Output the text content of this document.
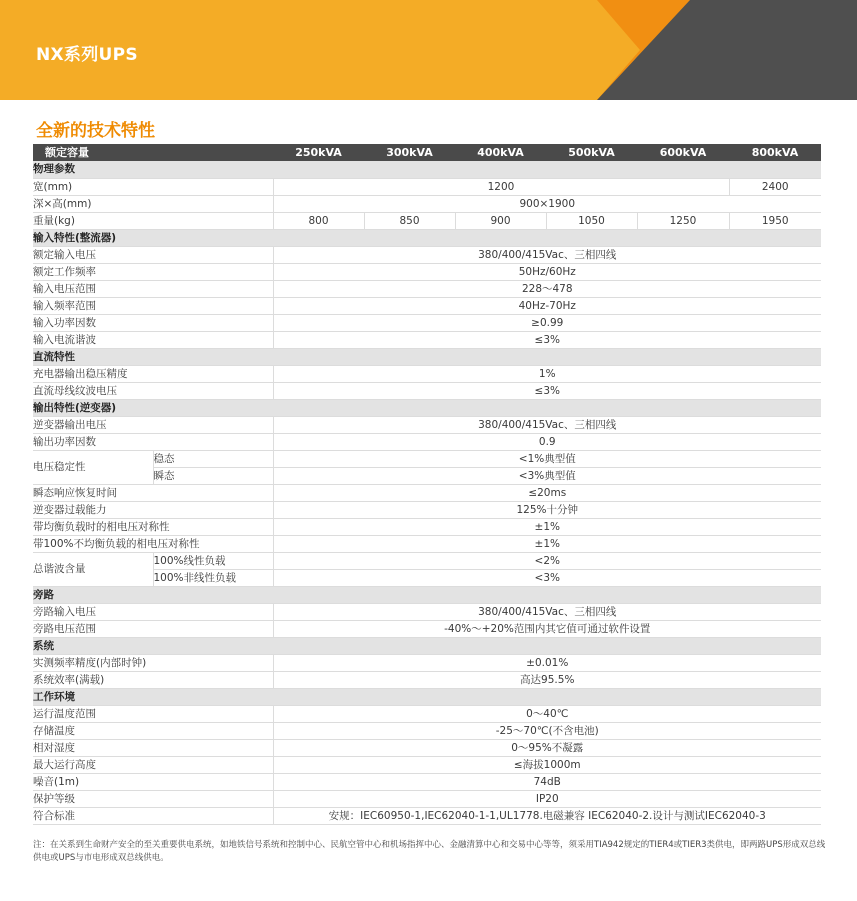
NX系列UPS
全新的技术特性
额定容量		250kVA	300kVA	400kVA	500kVA	600kVA	800kVA
物理参数							
宽(mm)		1200					2400
深×高(mm)		900×1900					
重量(kg)		800	850	900	1050	1250	1950
输入特性(整流器)							
额定输入电压		380/400/415Vac、三相四线					
额定工作频率		50Hz/60Hz					
输入电压范围		228～478					
输入频率范围		40Hz-70Hz					
输入功率因数		≥0.99					
输入电流谐波		≤3%					
直流特性							
充电器输出稳压精度		1%					
直流母线纹波电压		≤3%					
输出特性(逆变器)							
逆变器输出电压		380/400/415Vac、三相四线					
输出功率因数		0.9					
电压稳定性	稳态	<1%典型值					
	瞬态	<3%典型值					
瞬态响应恢复时间		≤20ms					
逆变器过载能力		125%十分钟					
带均衡负载时的相电压对称性		±1%					
带100%不均衡负载的相电压对称性		±1%					
总谐波含量	100%线性负载	<2%					
	100%非线性负载	<3%					
旁路							
旁路输入电压		380/400/415Vac、三相四线					
旁路电压范围		-40%～+20%范围内其它值可通过软件设置					
系统							
实测频率精度(内部时钟)		±0.01%					
系统效率(满载)		高达95.5%					
工作环境							
运行温度范围		0～40℃					
存储温度		-25～70℃(不含电池)					
相对湿度		0～95%不凝露					
最大运行高度		≤海拔1000m					
噪音(1m)		74dB					
保护等级		IP20					
符合标准		安规：IEC60950-1,IEC62040-1-1,UL1778.电磁兼容 IEC62040-2.设计与测试IEC62040-3					
注：在关系到生命财产安全的至关重要供电系统，如地铁信号系统和控制中心、民航空管中心和机场指挥中心、金融清算中心和交易中心等等，须采用TIA942规定的TIER4或TIER3类供电，即两路UPS形成双总线供电或UPS与市电形成双总线供电。
